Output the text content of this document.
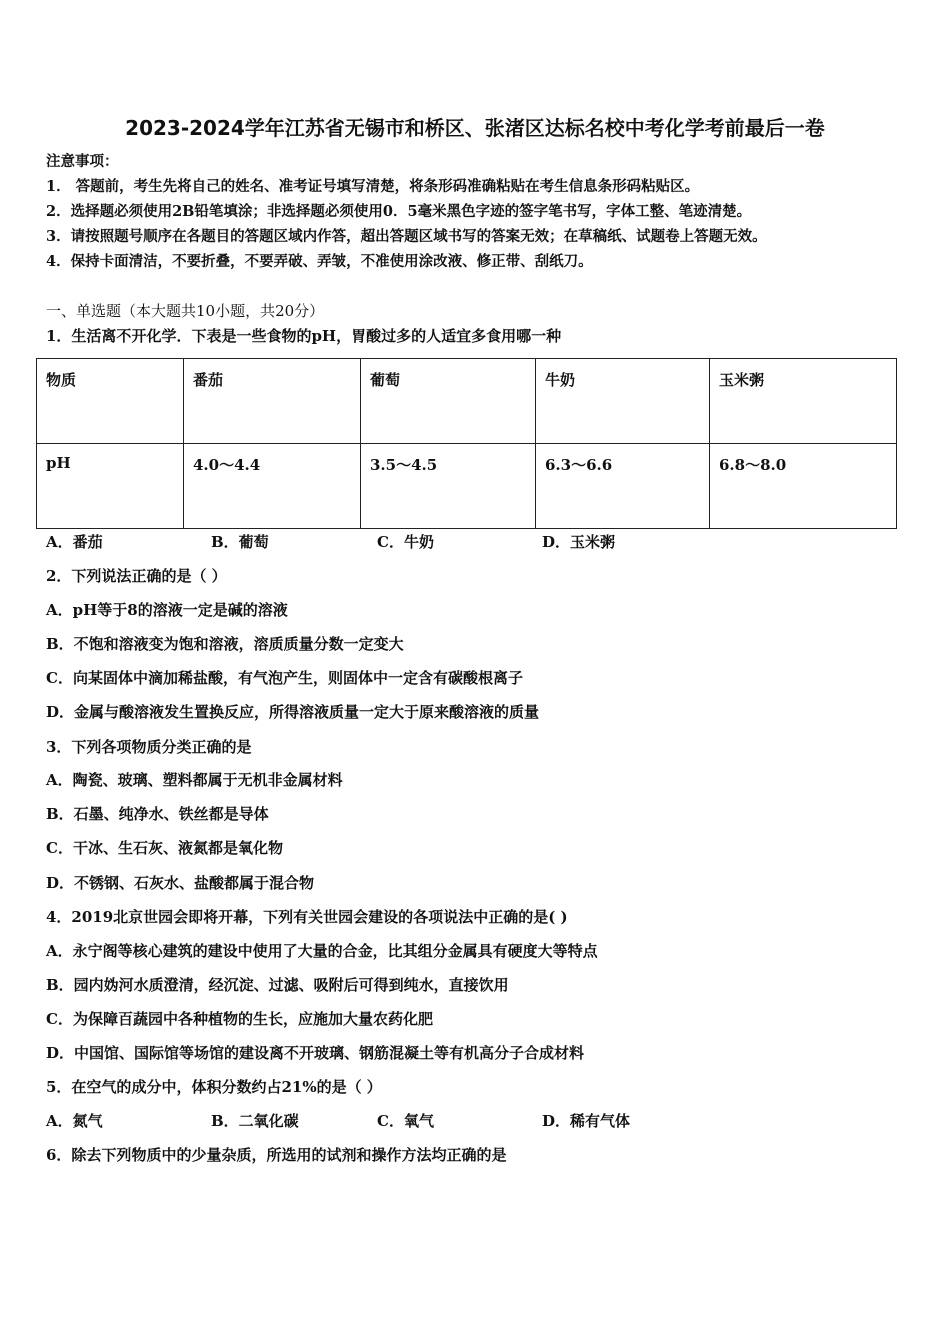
2023-2024学年江苏省无锡市和桥区、张渚区达标名校中考化学考前最后一卷
注意事项：
1． 答题前，考生先将自己的姓名、准考证号填写清楚，将条形码准确粘贴在考生信息条形码粘贴区。
2．选择题必须使用2B铅笔填涂；非选择题必须使用0．5毫米黑色字迹的签字笔书写，字体工整、笔迹清楚。
3．请按照题号顺序在各题目的答题区域内作答，超出答题区域书写的答案无效；在草稿纸、试题卷上答题无效。
4．保持卡面清洁，不要折叠，不要弄破、弄皱，不准使用涂改液、修正带、刮纸刀。
一、单选题（本大题共10小题，共20分）
1．生活离不开化学．下表是一些食物的pH，胃酸过多的人适宜多食用哪一种
物质	番茄	葡萄	牛奶	玉米粥
pH	4.0～4.4	3.5～4.5	6.3～6.6	6.8～8.0
A．番茄	B．葡萄	C．牛奶	D．玉米粥
2．下列说法正确的是（ ）
A．pH等于8的溶液一定是碱的溶液
B．不饱和溶液变为饱和溶液，溶质质量分数一定变大
C．向某固体中滴加稀盐酸，有气泡产生，则固体中一定含有碳酸根离子
D．金属与酸溶液发生置换反应，所得溶液质量一定大于原来酸溶液的质量
3．下列各项物质分类正确的是
A．陶瓷、玻璃、塑料都属于无机非金属材料
B．石墨、纯净水、铁丝都是导体
C．干冰、生石灰、液氮都是氧化物
D．不锈钢、石灰水、盐酸都属于混合物
4．2019北京世园会即将开幕，下列有关世园会建设的各项说法中正确的是( )
A．永宁阁等核心建筑的建设中使用了大量的合金，比其组分金属具有硬度大等特点
B．园内妫河水质澄清，经沉淀、过滤、吸附后可得到纯水，直接饮用
C．为保障百蔬园中各种植物的生长，应施加大量农药化肥
D．中国馆、国际馆等场馆的建设离不开玻璃、钢筋混凝土等有机高分子合成材料
5．在空气的成分中，体积分数约占21%的是（ ）
A．氮气	B．二氧化碳	C．氧气	D．稀有气体
6．除去下列物质中的少量杂质，所选用的试剂和操作方法均正确的是
